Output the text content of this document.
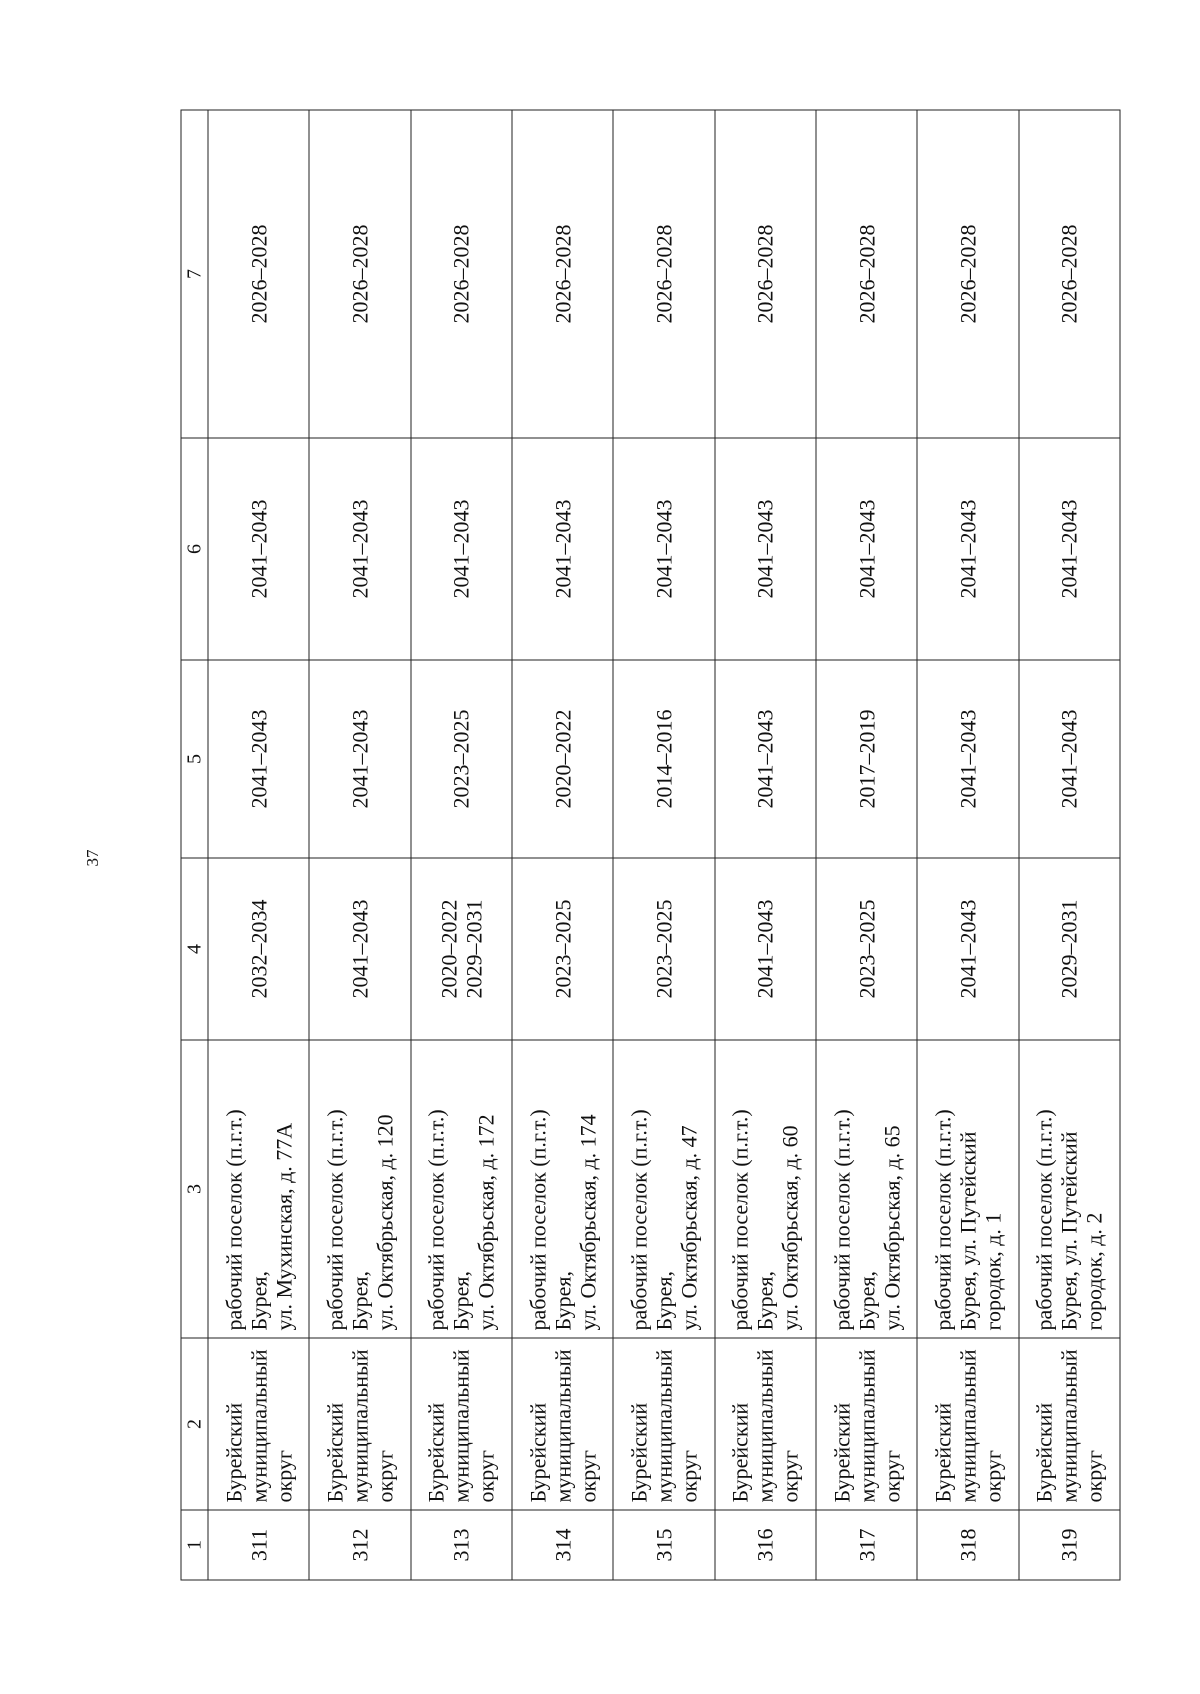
37
1	2	3	4	5	6	7
311	Бурейский
муниципальный
округ	рабочий поселок (п.г.т.)
Бурея,
ул. Мухинская, д. 77А	2032–2034	2041–2043	2041–2043	2026–2028
312	Бурейский
муниципальный
округ	рабочий поселок (п.г.т.)
Бурея,
ул. Октябрьская, д. 120	2041–2043	2041–2043	2041–2043	2026–2028
313	Бурейский
муниципальный
округ	рабочий поселок (п.г.т.)
Бурея,
ул. Октябрьская, д. 172	2020–2022
2029–2031	2023–2025	2041–2043	2026–2028
314	Бурейский
муниципальный
округ	рабочий поселок (п.г.т.)
Бурея,
ул. Октябрьская, д. 174	2023–2025	2020–2022	2041–2043	2026–2028
315	Бурейский
муниципальный
округ	рабочий поселок (п.г.т.)
Бурея,
ул. Октябрьская, д. 47	2023–2025	2014–2016	2041–2043	2026–2028
316	Бурейский
муниципальный
округ	рабочий поселок (п.г.т.)
Бурея,
ул. Октябрьская, д. 60	2041–2043	2041–2043	2041–2043	2026–2028
317	Бурейский
муниципальный
округ	рабочий поселок (п.г.т.)
Бурея,
ул. Октябрьская, д. 65	2023–2025	2017–2019	2041–2043	2026–2028
318	Бурейский
муниципальный
округ	рабочий поселок (п.г.т.)
Бурея, ул. Путейский
городок, д. 1	2041–2043	2041–2043	2041–2043	2026–2028
319	Бурейский
муниципальный
округ	рабочий поселок (п.г.т.)
Бурея, ул. Путейский
городок, д. 2	2029–2031	2041–2043	2041–2043	2026–2028
